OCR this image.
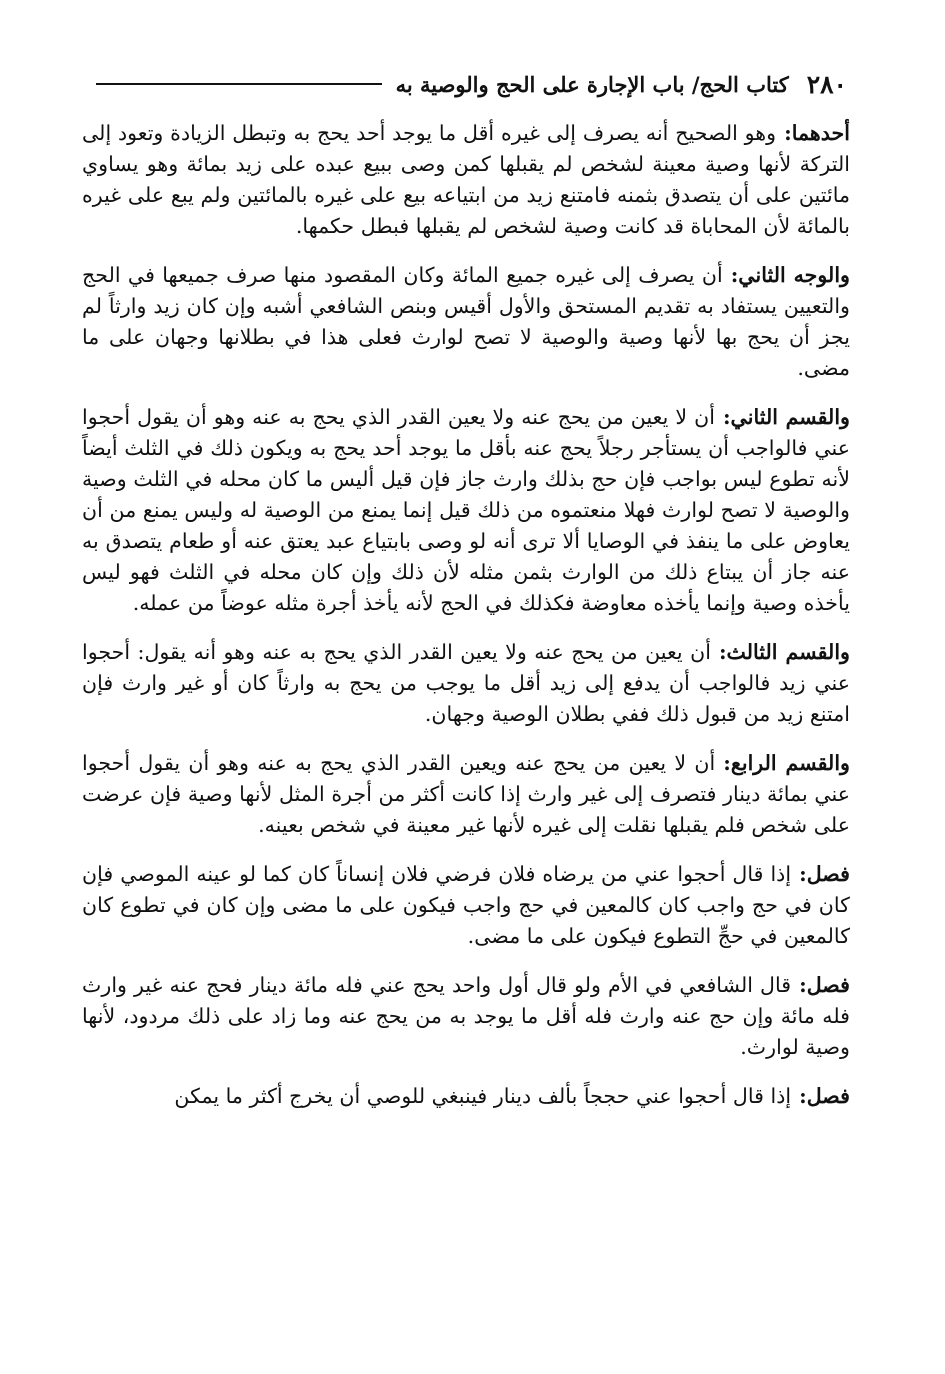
٢٨٠
كتاب الحج/ باب الإجارة على الحج والوصية به

أحدهما:وهو الصحيح أنه يصرف إلى غيره أقل ما يوجد أحد يحج به وتبطل الزيادة وتعود إلى التركة لأنها وصية معينة لشخص لم يقبلها كمن وصى ببيع عبده على زيد بمائة وهو يساوي مائتين على أن يتصدق بثمنه فامتنع زيد من ابتياعه بيع على غيره بالمائتين ولم يبع على غيره بالمائة لأن المحاباة قد كانت وصية لشخص لم يقبلها فبطل حكمها.

والوجه الثاني:أن يصرف إلى غيره جميع المائة وكان المقصود منها صرف جميعها في الحج والتعيين يستفاد به تقديم المستحق والأول أقيس وبنص الشافعي أشبه وإن كان زيد وارثاً لم يجز أن يحج بها لأنها وصية والوصية لا تصح لوارث فعلى هذا في بطلانها وجهان على ما مضى.

والقسم الثاني:أن لا يعين من يحج عنه ولا يعين القدر الذي يحج به عنه وهو أن يقول أحجوا عني فالواجب أن يستأجر رجلاً يحج عنه بأقل ما يوجد أحد يحج به ويكون ذلك في الثلث أيضاً لأنه تطوع ليس بواجب فإن حج بذلك وارث جاز فإن قيل أليس ما كان محله في الثلث وصية والوصية لا تصح لوارث فهلا منعتموه من ذلك قيل إنما يمنع من الوصية له وليس يمنع من أن يعاوض على ما ينفذ في الوصايا ألا ترى أنه لو وصى بابتياع عبد يعتق عنه أو طعام يتصدق به عنه جاز أن يبتاع ذلك من الوارث بثمن مثله لأن ذلك وإن كان محله في الثلث فهو ليس يأخذه وصية وإنما يأخذه معاوضة فكذلك في الحج لأنه يأخذ أجرة مثله عوضاً من عمله.

والقسم الثالث:أن يعين من يحج عنه ولا يعين القدر الذي يحج به عنه وهو أنه يقول: أحجوا عني زيد فالواجب أن يدفع إلى زيد أقل ما يوجب من يحج به وارثاً كان أو غير وارث فإن امتنع زيد من قبول ذلك ففي بطلان الوصية وجهان.

والقسم الرابع:أن لا يعين من يحج عنه ويعين القدر الذي يحج به عنه وهو أن يقول أحجوا عني بمائة دينار فتصرف إلى غير وارث إذا كانت أكثر من أجرة المثل لأنها وصية فإن عرضت على شخص فلم يقبلها نقلت إلى غيره لأنها غير معينة في شخص بعينه.

فصل:إذا قال أحجوا عني من يرضاه فلان فرضي فلان إنساناً كان كما لو عينه الموصي فإن كان في حج واجب كان كالمعين في حج واجب فيكون على ما مضى وإن كان في تطوع كان كالمعين في حجِّ التطوع فيكون على ما مضى.

فصل:قال الشافعي في الأم ولو قال أول واحد يحج عني فله مائة دينار فحج عنه غير وارث فله مائة وإن حج عنه وارث فله أقل ما يوجد به من يحج عنه وما زاد على ذلك مردود، لأنها وصية لوارث.

فصل:إذا قال أحجوا عني حججاً بألف دينار فينبغي للوصي أن يخرج أكثر ما يمكن
